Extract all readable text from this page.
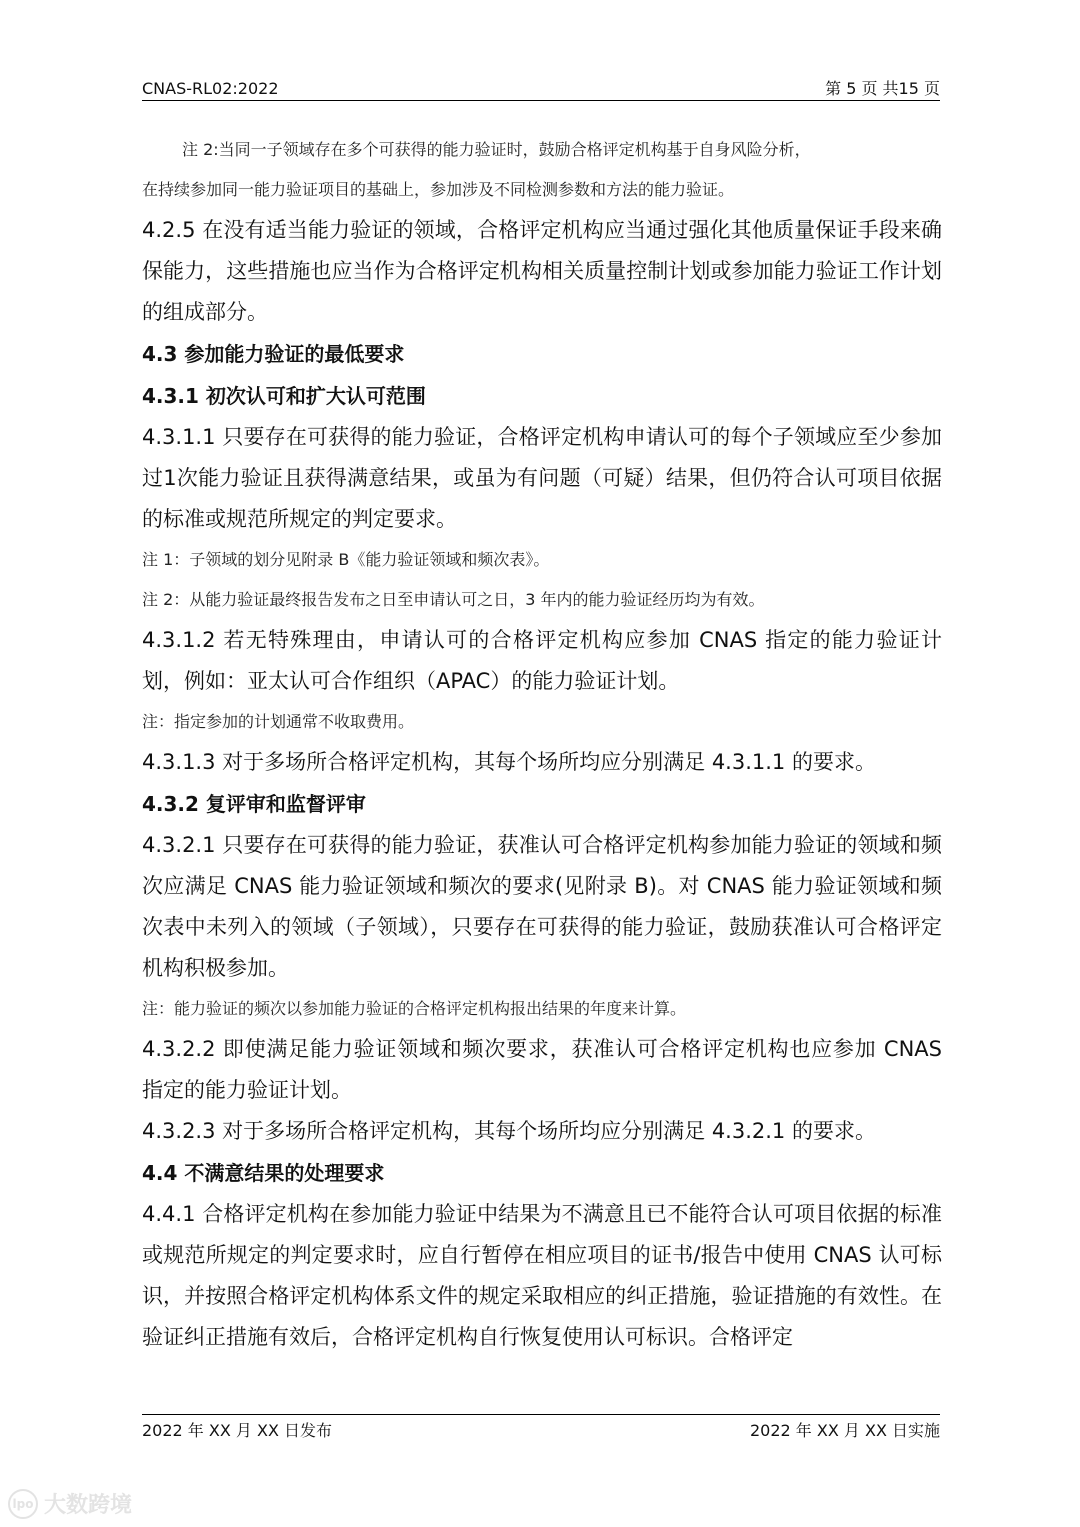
CNAS-RL02:2022	第 5 页 共15 页

注 2:当同一子领域存在多个可获得的能力验证时，鼓励合格评定机构基于自身风险分析，

在持续参加同一能力验证项目的基础上，参加涉及不同检测参数和方法的能力验证。

4.2.5 在没有适当能力验证的领域，合格评定机构应当通过强化其他质量保证手段来确保能力，这些措施也应当作为合格评定机构相关质量控制计划或参加能力验证工作计划的组成部分。

4.3 参加能力验证的最低要求

4.3.1 初次认可和扩大认可范围

4.3.1.1 只要存在可获得的能力验证，合格评定机构申请认可的每个子领域应至少参加过1次能力验证且获得满意结果，或虽为有问题（可疑）结果，但仍符合认可项目依据的标准或规范所规定的判定要求。

注 1：子领域的划分见附录 B《能力验证领域和频次表》。

注 2：从能力验证最终报告发布之日至申请认可之日，3 年内的能力验证经历均为有效。

4.3.1.2 若无特殊理由，申请认可的合格评定机构应参加 CNAS 指定的能力验证计划，例如：亚太认可合作组织（APAC）的能力验证计划。

注：指定参加的计划通常不收取费用。

4.3.1.3 对于多场所合格评定机构，其每个场所均应分别满足 4.3.1.1 的要求。

4.3.2 复评审和监督评审

4.3.2.1 只要存在可获得的能力验证，获准认可合格评定机构参加能力验证的领域和频次应满足 CNAS 能力验证领域和频次的要求(见附录 B)。对 CNAS 能力验证领域和频次表中未列入的领域（子领域），只要存在可获得的能力验证，鼓励获准认可合格评定机构积极参加。

注：能力验证的频次以参加能力验证的合格评定机构报出结果的年度来计算。

4.3.2.2 即使满足能力验证领域和频次要求，获准认可合格评定机构也应参加 CNAS 指定的能力验证计划。

4.3.2.3 对于多场所合格评定机构，其每个场所均应分别满足 4.3.2.1 的要求。

4.4 不满意结果的处理要求

4.4.1 合格评定机构在参加能力验证中结果为不满意且已不能符合认可项目依据的标准或规范所规定的判定要求时，应自行暂停在相应项目的证书/报告中使用 CNAS 认可标识，并按照合格评定机构体系文件的规定采取相应的纠正措施，验证措施的有效性。在验证纠正措施有效后，合格评定机构自行恢复使用认可标识。合格评定

2022 年 XX 月 XX 日发布	2022 年 XX 月 XX 日实施
lpo 大数跨境
